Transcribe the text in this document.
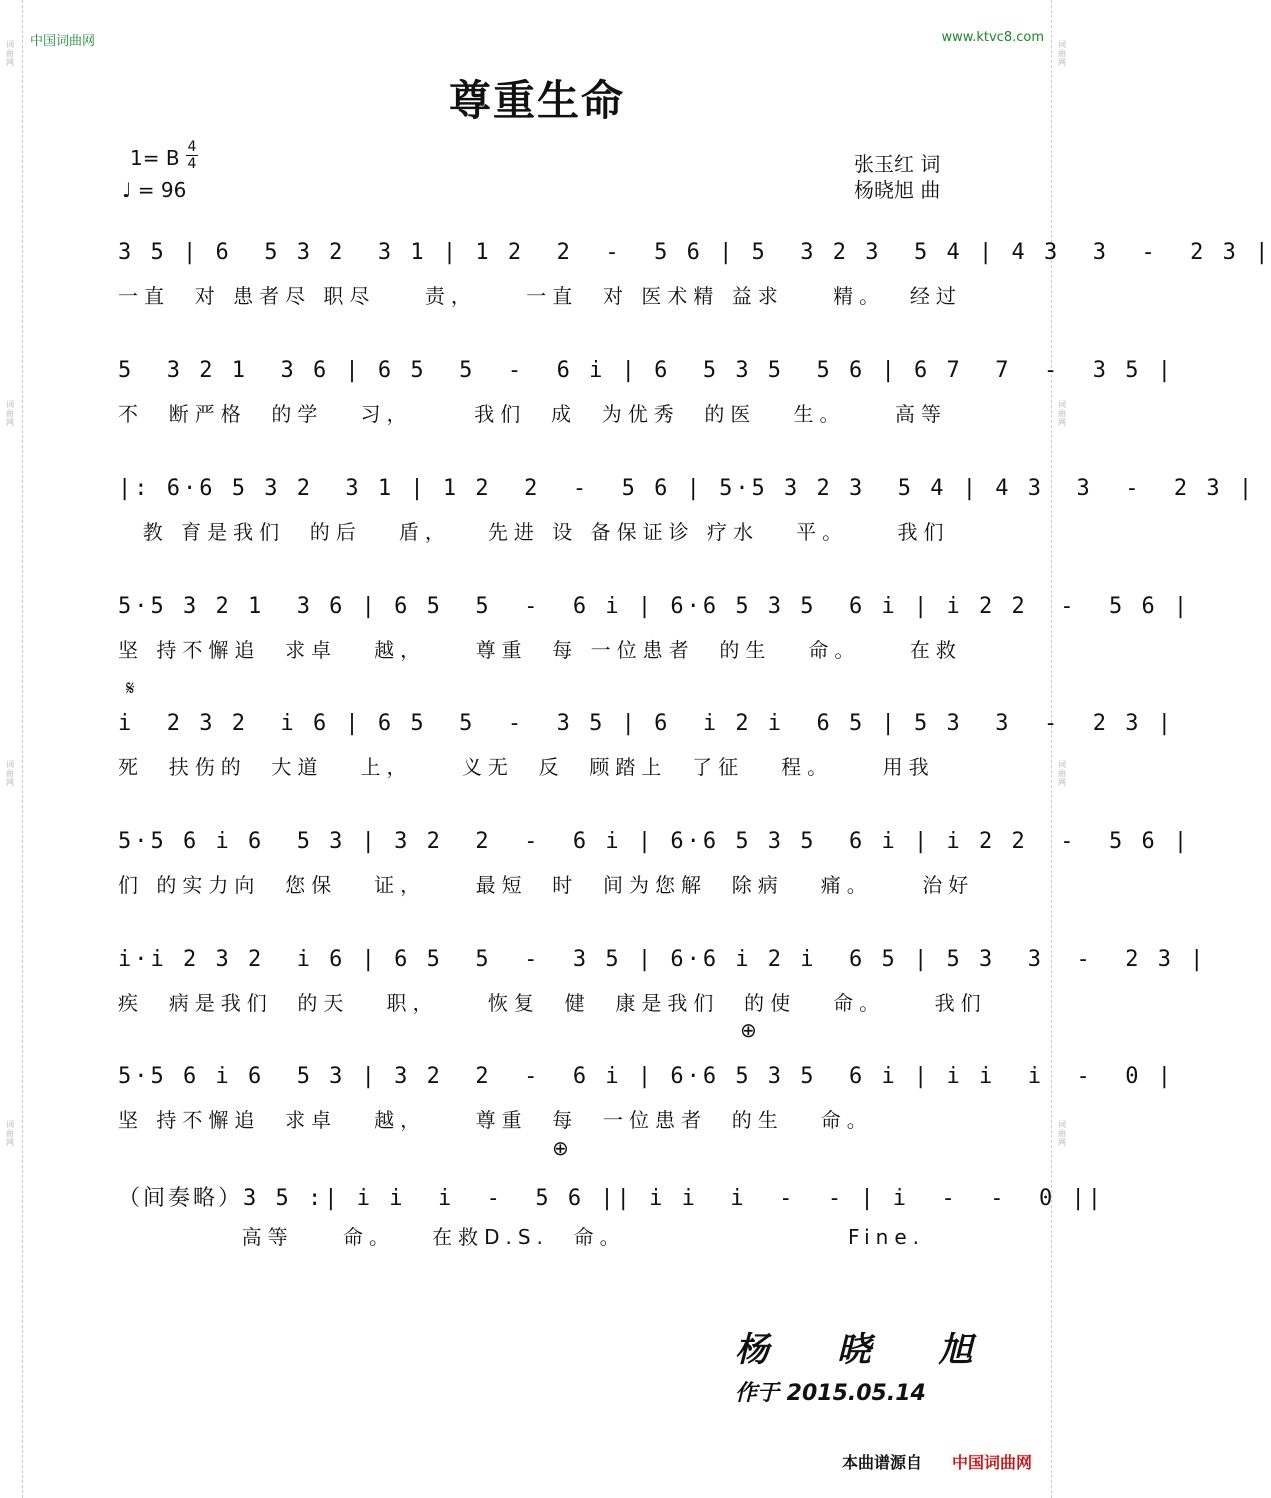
词曲网
词曲网
词曲网
词曲网
词曲网
词曲网
词曲网
词曲网
中国词曲网	www.ktvc8.com
尊重生命
1= B 4
4
♩ = 96
张玉红 词
杨晓旭 曲
3 5 | 6  5 3 2  3 1 | 1 2  2  -  5 6 | 5  3 2 3  5 4 | 4 3  3  -  2 3 |
一直  对 患者尽 职尽    责，    一直  对 医术精 益求    精。  经过
5  3 2 1  3 6 | 6 5  5  -  6 i | 6  5 3 5  5 6 | 6 7  7  -  3 5 |
不  断严格  的学   习，     我们  成  为优秀  的医   生。    高等
|: 6·6 5 3 2  3 1 | 1 2  2  -  5 6 | 5·5 3 2 3  5 4 | 4 3  3  -  2 3 |
教 育是我们  的后   盾，   先进 设 备保证诊 疗水   平。    我们
5·5 3 2 1  3 6 | 6 5  5  -  6 i | 6·6 5 3 5  6 i | i 2 2  -  5 6 |
坚 持不懈追  求卓   越，    尊重  每 一位患者  的生   命。    在救
𝄋
i  2 3 2  i 6 | 6 5  5  -  3 5 | 6  i 2 i  6 5 | 5 3  3  -  2 3 |
死  扶伤的  大道   上，    义无  反  顾踏上  了征   程。    用我
5·5 6 i 6  5 3 | 3 2  2  -  6 i | 6·6 5 3 5  6 i | i 2 2  -  5 6 |
们 的实力向  您保   证，    最短  时  间为您解  除病   痛。    治好
i·i 2 3 2  i 6 | 6 5  5  -  3 5 | 6·6 i 2 i  6 5 | 5 3  3  -  2 3 |
疾  病是我们  的天   职，    恢复  健  康是我们  的使   命。    我们
⊕
5·5 6 i 6  5 3 | 3 2  2  -  6 i | 6·6 5 3 5  6 i | i i  i  -  0 |
坚 持不懈追  求卓   越，    尊重  每  一位患者  的生   命。
⊕
（间奏略）3 5 :| i i  i  -  5 6 || i i  i  -  - | i  -  -  0 ||
高等    命。   在救D.S.  命。                  Fine.
杨 晓 旭
作于 2015.05.14
本曲谱源自 中国词曲网
